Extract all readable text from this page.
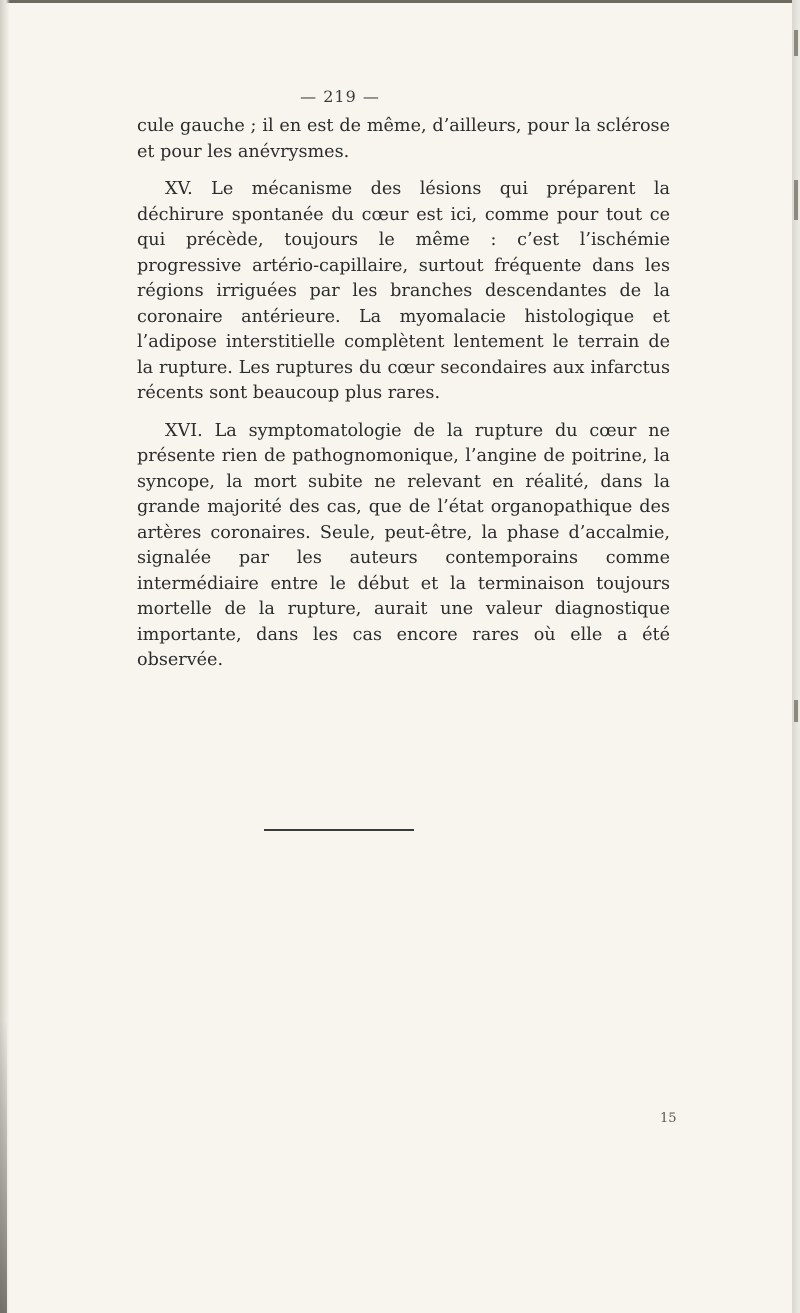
— 219 —

cule gauche ; il en est de même, d’ailleurs, pour la sclérose et pour les anévrysmes.

XV. Le mécanisme des lésions qui préparent la déchirure spontanée du cœur est ici, comme pour tout ce qui précède, toujours le même : c’est l’ischémie progressive artério-capillaire, surtout fréquente dans les régions irriguées par les branches descendantes de la coronaire antérieure. La myomalacie histologique et l’adipose interstitielle complètent lentement le terrain de la rupture. Les ruptures du cœur secondaires aux infarctus récents sont beaucoup plus rares.

XVI. La symptomatologie de la rupture du cœur ne présente rien de pathognomonique, l’angine de poitrine, la syncope, la mort subite ne relevant en réalité, dans la grande majorité des cas, que de l’état organopathique des artères coronaires. Seule, peut-être, la phase d’accalmie, signalée par les auteurs contemporains comme intermédiaire entre le début et la terminaison toujours mortelle de la rupture, aurait une valeur diagnostique importante, dans les cas encore rares où elle a été observée.

15
